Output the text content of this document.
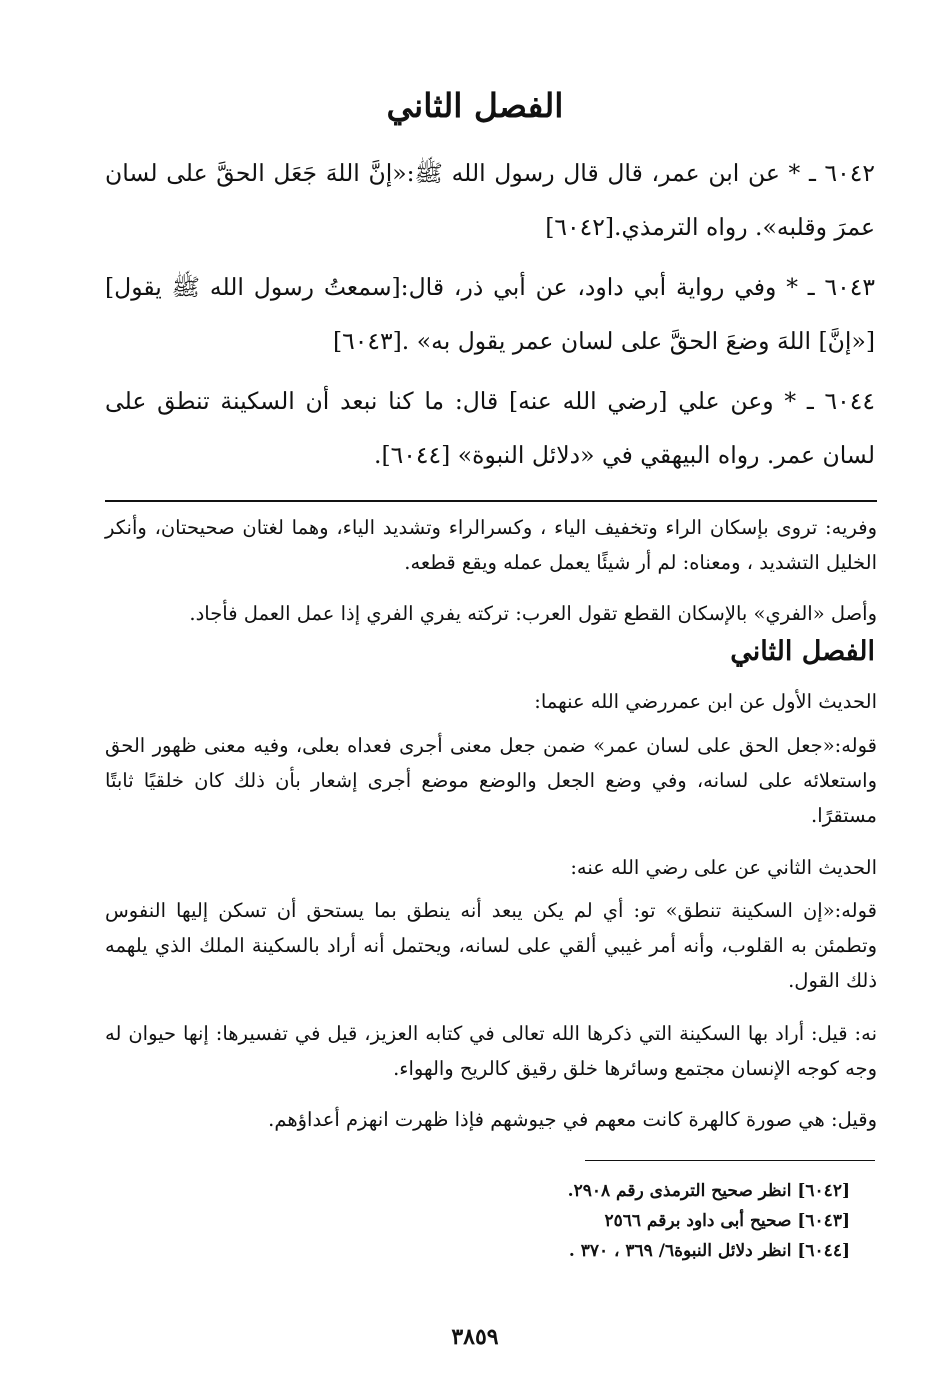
الفصل الثاني
٦٠٤٢ ـ * عن ابن عمر، قال قال رسول الله ﷺ:«إنَّ اللهَ جَعَل الحقَّ على لسان عمرَ وقلبه». رواه الترمذي.[٦٠٤٢]
٦٠٤٣ ـ * وفي رواية أبي داود، عن أبي ذر، قال:[سمعتُ رسول الله ﷺ يقول][«إنَّ] اللهَ وضعَ الحقَّ على لسان عمر يقول به» .[٦٠٤٣]
٦٠٤٤ ـ * وعن علي [رضي الله عنه] قال: ما كنا نبعد أن السكينة تنطق على لسان عمر. رواه البيهقي في «دلائل النبوة» [٦٠٤٤].
وفريه: تروى بإسكان الراء وتخفيف الياء ، وكسرالراء وتشديد الياء، وهما لغتان صحيحتان، وأنكر الخليل التشديد ، ومعناه: لم أر شيئًا يعمل عمله ويقع قطعه.
وأصل «الفري» بالإسكان القطع تقول العرب: تركته يفري الفري إذا عمل العمل فأجاد.
الفصل الثاني
الحديث الأول عن ابن عمررضي الله عنهما:
قوله:«جعل الحق على لسان عمر» ضمن جعل معنى أجرى فعداه بعلى، وفيه معنى ظهور الحق واستعلائه على لسانه، وفي وضع الجعل والوضع موضع أجرى إشعار بأن ذلك كان خلقيًا ثابتًا مستقرًا.
الحديث الثاني عن على رضي الله عنه:
قوله:«إن السكينة تنطق» تو: أي لم يكن يبعد أنه ينطق بما يستحق أن تسكن إليها النفوس وتطمئن به القلوب، وأنه أمر غيبي ألقي على لسانه، ويحتمل أنه أراد بالسكينة الملك الذي يلهمه ذلك القول.
نه: قيل: أراد بها السكينة التي ذكرها الله تعالى في كتابه العزيز، قيل في تفسيرها: إنها حيوان له وجه كوجه الإنسان مجتمع وسائرها خلق رقيق كالريح والهواء.
وقيل: هي صورة كالهرة كانت معهم في جيوشهم فإذا ظهرت انهزم أعداؤهم.
[٦٠٤٢] انظر صحيح الترمذى رقم ٢٩٠٨.
[٦٠٤٣] صحيح أبى داود برقم ٢٥٦٦
[٦٠٤٤] انظر دلائل النبوة٦/ ٣٦٩ ، ٣٧٠ .
٣٨٥٩
